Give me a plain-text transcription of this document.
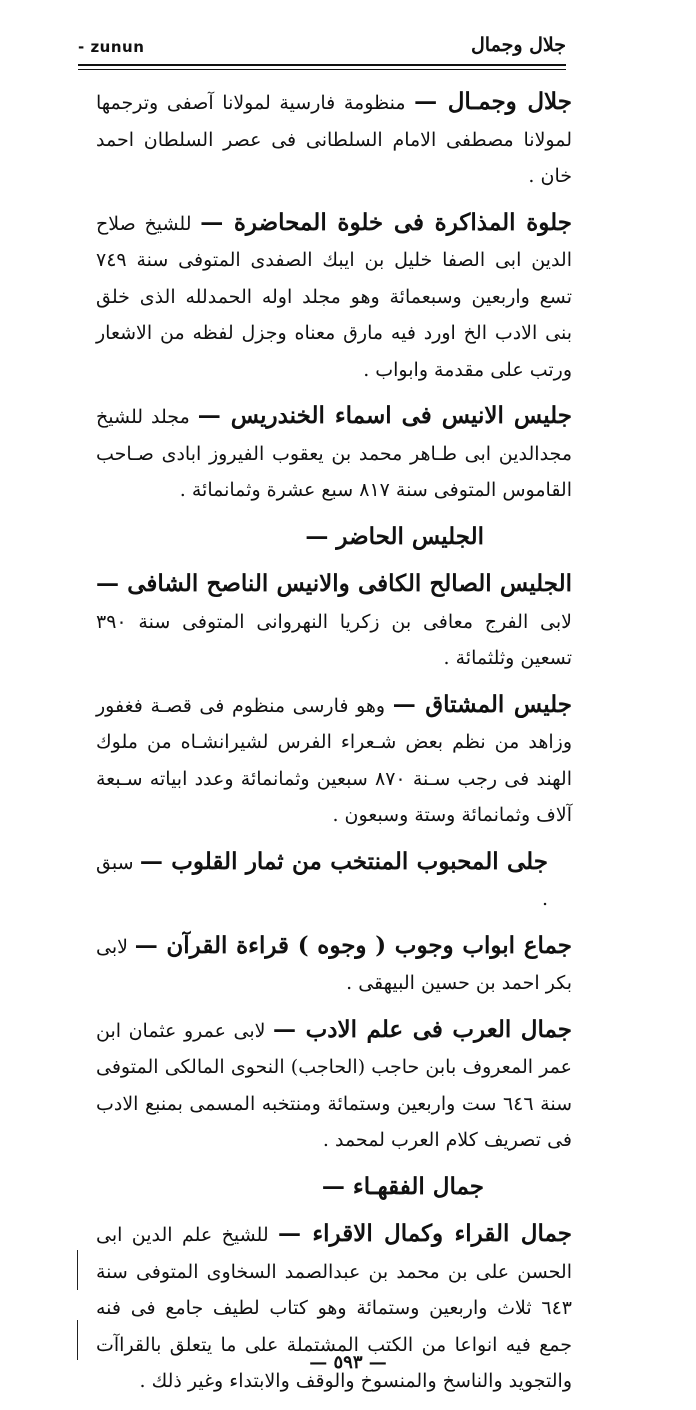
- zunun	جلال وجمال

جلال وجمـال — منظومة فارسية لمولانا آصفى وترجمها لمولانا مصطفى الامام السلطانى فى عصر السلطان احمد خان .

جلوة المذاكرة فى خلوة المحاضرة — للشيخ صلاح الدين ابى الصفا خليل بن ايبك الصفدى المتوفى سنة ٧٤٩ تسع واربعين وسبعمائة وهو مجلد اوله الحمدلله الذى خلق بنى الادب الخ اورد فيه مارق معناه وجزل لفظه من الاشعار ورتب على مقدمة وابواب .

جليس الانيس فى اسماء الخندريس — مجلد للشيخ مجدالدين ابى طـاهر محمد بن يعقوب الفيروز ابادى صـاحب القاموس المتوفى سنة ٨١٧ سبع عشرة وثمانمائة .

الجليس الحاضر —

الجليس الصالح الكافى والانيس الناصح الشافى — لابى الفرج معافى بن زكريا النهروانى المتوفى سنة ٣٩٠ تسعين وثلثمائة .

جليس المشتاق — وهو فارسى منظوم فى قصـة فغفور وزاهد من نظم بعض شـعراء الفرس لشيرانشـاه من ملوك الهند فى رجب سـنة ٨٧٠ سبعين وثمانمائة وعدد ابياته سـبعة آلاف وثمانمائة وستة وسبعون .

جلى المحبوب المنتخب من ثمار القلوب — سبق .

جماع ابواب وجوب ( وجوه ) قراءة القرآن — لابى بكر احمد بن حسين البيهقى .

جمال العرب فى علم الادب — لابى عمرو عثمان ابن عمر المعروف بابن حاجب (الحاجب) النحوى المالكى المتوفى سنة ٦٤٦ ست واربعين وستمائة ومنتخبه المسمى بمنبع الادب فى تصريف كلام العرب لمحمد .

جمال الفقهـاء —

جمال القراء وكمال الاقراء — للشيخ علم الدين ابى الحسن على بن محمد بن عبدالصمد السخاوى المتوفى سنة ٦٤٣ ثلاث واربعين وستمائة وهو كتاب لطيف جامع فى فنه جمع فيه انواعا من الكتب المشتملة على ما يتعلق بالقراآت والتجويد والناسخ والمنسوخ والوقف والابتداء وغير ذلك .

— ٥٩٣ —
